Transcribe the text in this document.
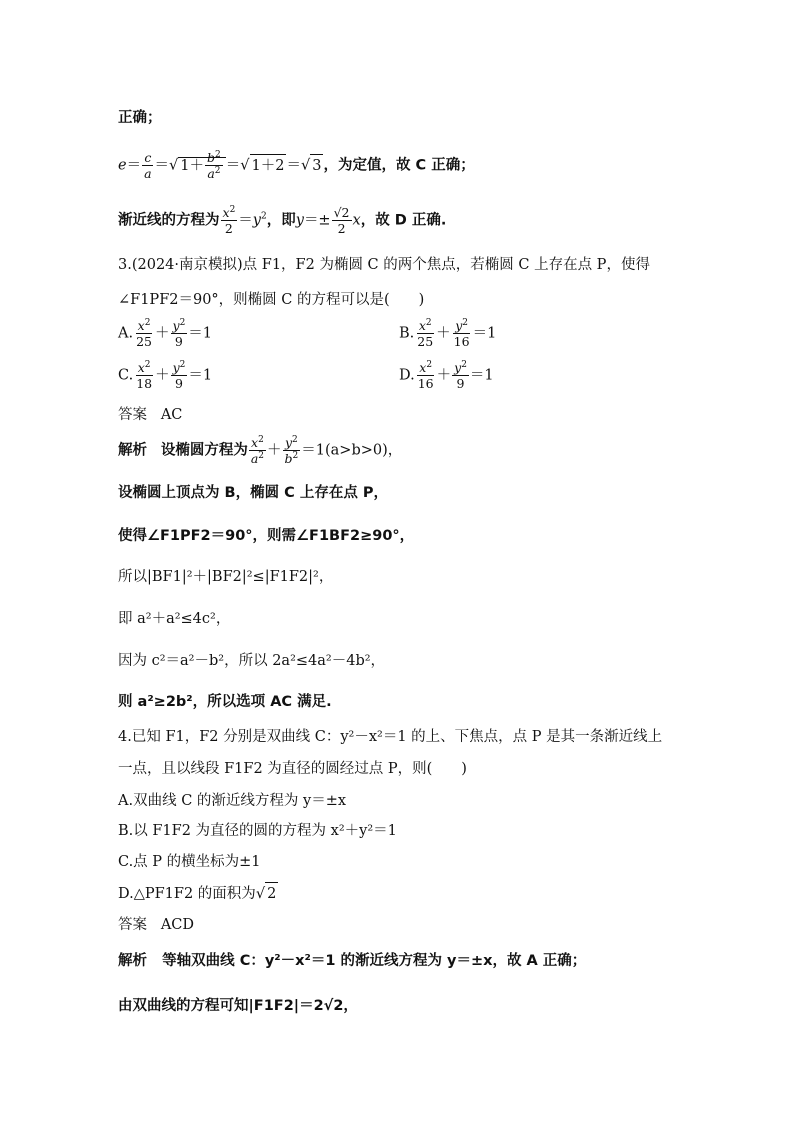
正确；
$e= \frac{c}{a}$ ＝√ $1+ \frac{b^2}{a^2}$ ＝√ 1＋2 ＝√ 3 ，为定值，故 C 正确；
渐近线的方程为 $\frac{x^2}{2} =y^2$，即$y=\pm \frac{√2}{2}$ x，故 D 正确.
3.(2024·南京模拟)点 F1，F2 为椭圆 C 的两个焦点，若椭圆 C 上存在点 P，使得
∠F1PF2＝90°，则椭圆 C 的方程可以是(　　)
A. $\frac{x^2}{25} + \frac{y^2}{9} =1$	B. $\frac{x^2}{25} + \frac{y^2}{16} =1$
C. $\frac{x^2}{18} + \frac{y^2}{9} =1$	D. $\frac{x^2}{16} + \frac{y^2}{9} =1$
答案 AC
解析 设椭圆方程为 $\frac{x^2}{a^2} + \frac{y^2}{b^2} =1(a>b>0)$，
设椭圆上顶点为 B，椭圆 C 上存在点 P，
使得∠F1PF2＝90°，则需∠F1BF2≥90°，
所以|BF1|²＋|BF2|²≤|F1F2|²，
即 a²＋a²≤4c²，
因为 c²＝a²－b²，所以 2a²≤4a²－4b²，
则 a²≥2b²，所以选项 AC 满足.
4.已知 F1，F2 分别是双曲线 C：y²－x²＝1 的上、下焦点，点 P 是其一条渐近线上
一点，且以线段 F1F2 为直径的圆经过点 P，则(　　)
A.双曲线 C 的渐近线方程为 y＝±x
B.以 F1F2 为直径的圆的方程为 x²＋y²＝1
C.点 P 的横坐标为±1
D.△PF1F2 的面积为√ 2
答案 ACD
解析 等轴双曲线 C：y²－x²＝1 的渐近线方程为 y＝±x，故 A 正确；
由双曲线的方程可知|F1F2|＝2√2，
